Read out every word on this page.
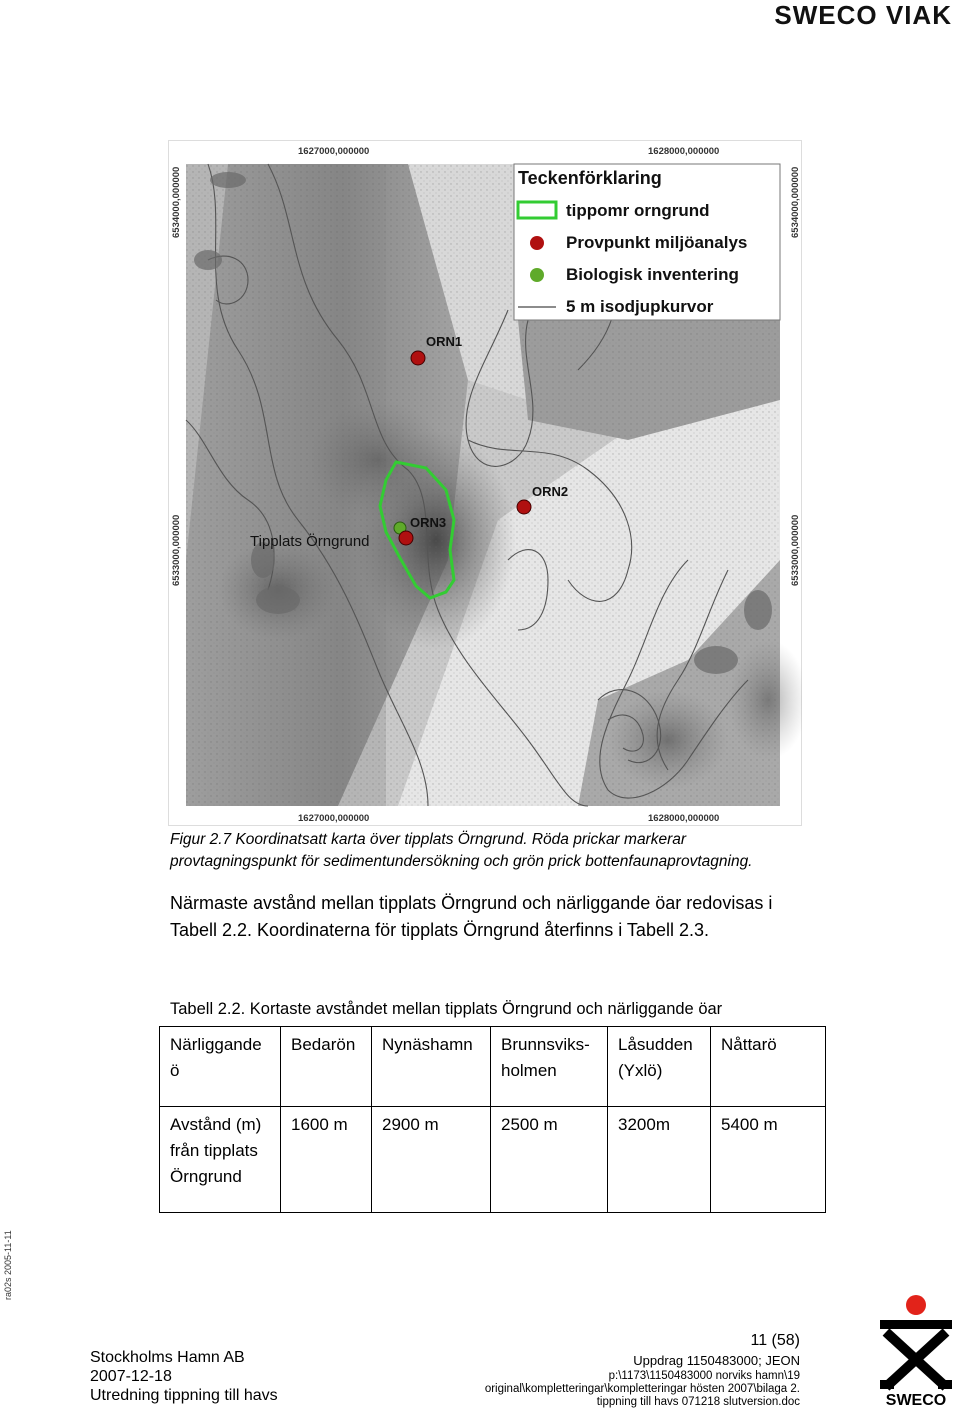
SWECO VIAK
ORN1
ORN2
ORN3
Tipplats Örngrund
Teckenförklaring
tippomr orngrund
Provpunkt miljöanalys
Biologisk inventering
5 m isodjupkurvor
1627000,000000	1628000,000000
1627000,000000	1628000,000000
6534000,000000
6533000,000000
6534000,000000
6533000,000000
Figur 2.7 Koordinatsatt karta över tipplats Örngrund. Röda prickar markerar
provtagningspunkt för sedimentundersökning och grön prick bottenfaunaprovtagning.
Närmaste avstånd mellan tipplats Örngrund och närliggande öar redovisas i Tabell 2.2. Koordinaterna för tipplats Örngrund återfinns i Tabell 2.3.
Tabell 2.2. Kortaste avståndet mellan tipplats Örngrund och närliggande öar
Närliggande ö	Bedarön	Nynäshamn	Brunnsviks-holmen	Låsudden (Yxlö)	Nåttarö
Avstånd (m) från tipplats Örngrund	1600 m	2900 m	2500 m	3200m	5400 m
ra02s 2005-11-11
11 (58)
Stockholms Hamn AB
2007-12-18
Utredning tippning till havs
Uppdrag 1150483000; JEON
p:\1173\1150483000 norviks hamn\19
original\kompletteringar\kompletteringar hösten 2007\bilaga 2.
tippning till havs 071218 slutversion.doc	SWECO
